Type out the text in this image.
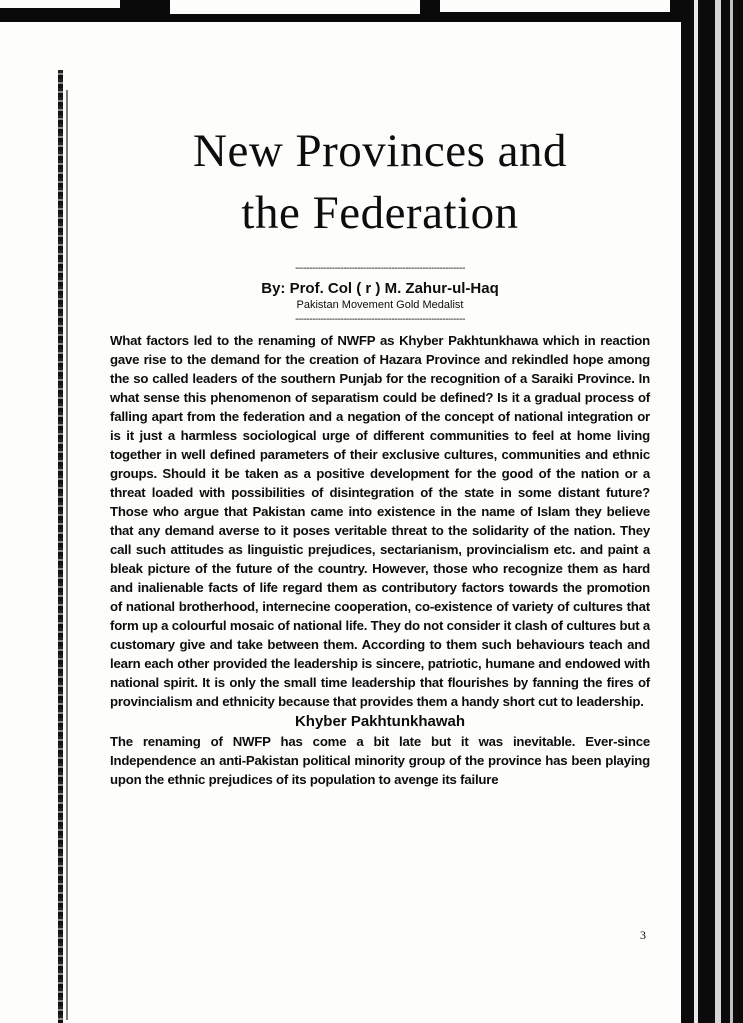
New Provinces and
the Federation
------------------------------------------------------------
By: Prof. Col ( r ) M. Zahur-ul-Haq
Pakistan Movement Gold Medalist
------------------------------------------------------------

What factors led to the renaming of NWFP as Khyber Pakhtunkhawa which in reaction gave rise to the demand for the creation of Hazara Province and rekindled hope among the so called leaders of the southern Punjab for the recognition of a Saraiki Province. In what sense this phenomenon of separatism could be defined? Is it a gradual process of falling apart from the federation and a negation of the concept of national integration or is it just a harmless sociological urge of different communities to feel at home living together in well defined parameters of their exclusive cultures, communities and ethnic groups. Should it be taken as a positive development for the good of the nation or a threat loaded with possibilities of disintegration of the state in some distant future? Those who argue that Pakistan came into existence in the name of Islam they believe that any demand averse to it poses veritable threat to the solidarity of the nation. They call such attitudes as linguistic prejudices, sectarianism, provincialism etc. and paint a bleak picture of the future of the country. However, those who recognize them as hard and inalienable facts of life regard them as contributory factors towards the promotion of national brotherhood, internecine cooperation, co-existence of variety of cultures that form up a colourful mosaic of national life. They do not consider it clash of cultures but a customary give and take between them. According to them such behaviours teach and learn each other provided the leadership is sincere, patriotic, humane and endowed with national spirit. It is only the small time leadership that flourishes by fanning the fires of provincialism and ethnicity because that provides them a handy short cut to leadership.

Khyber Pakhtunkhawah

The renaming of NWFP has come a bit late but it was inevitable. Ever-since Independence an anti-Pakistan political minority group of the province has been playing upon the ethnic prejudices of its population to avenge its failure

3
